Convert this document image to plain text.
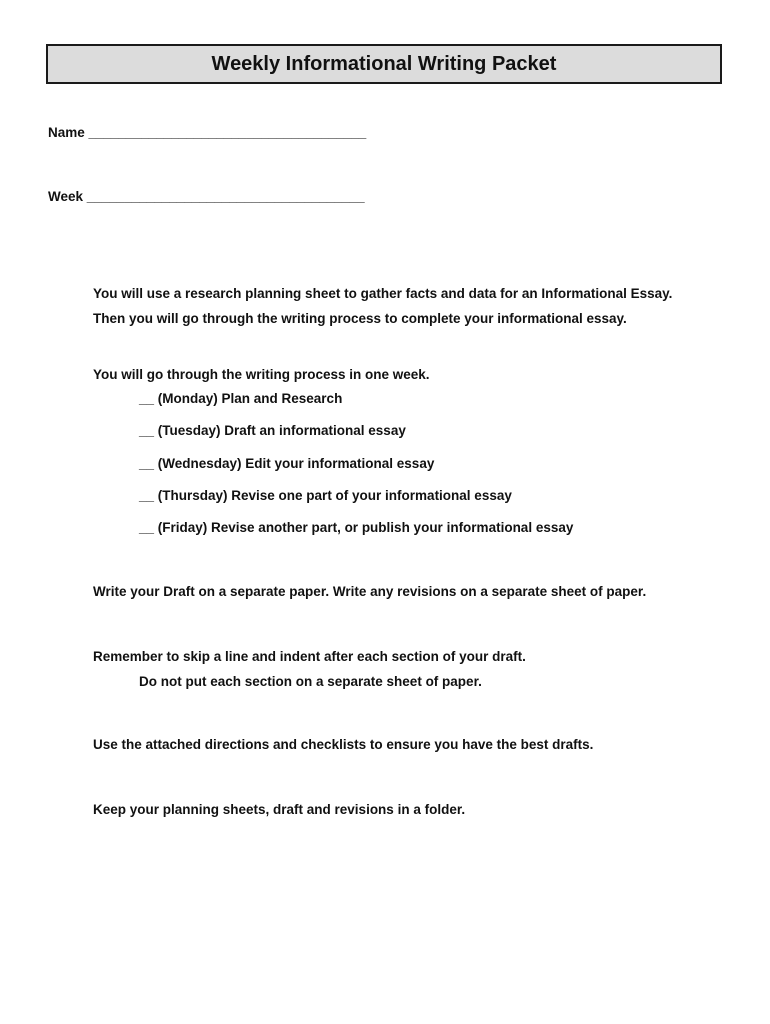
Weekly Informational Writing Packet
Name _____________________________________
Week _____________________________________
You will use a research planning sheet to gather facts and data for an Informational Essay.
Then you will go through the writing process to complete your informational essay.
You will go through the writing process in one week.
__ (Monday) Plan and Research
__ (Tuesday) Draft an informational essay
__ (Wednesday) Edit your informational essay
__ (Thursday) Revise one part of your informational essay
__ (Friday) Revise another part, or publish your informational essay
Write your Draft on a separate paper. Write any revisions on a separate sheet of paper.
Remember to skip a line and indent after each section of your draft.
Do not put each section on a separate sheet of paper.
Use the attached directions and checklists to ensure you have the best drafts.
Keep your planning sheets, draft and revisions in a folder.
